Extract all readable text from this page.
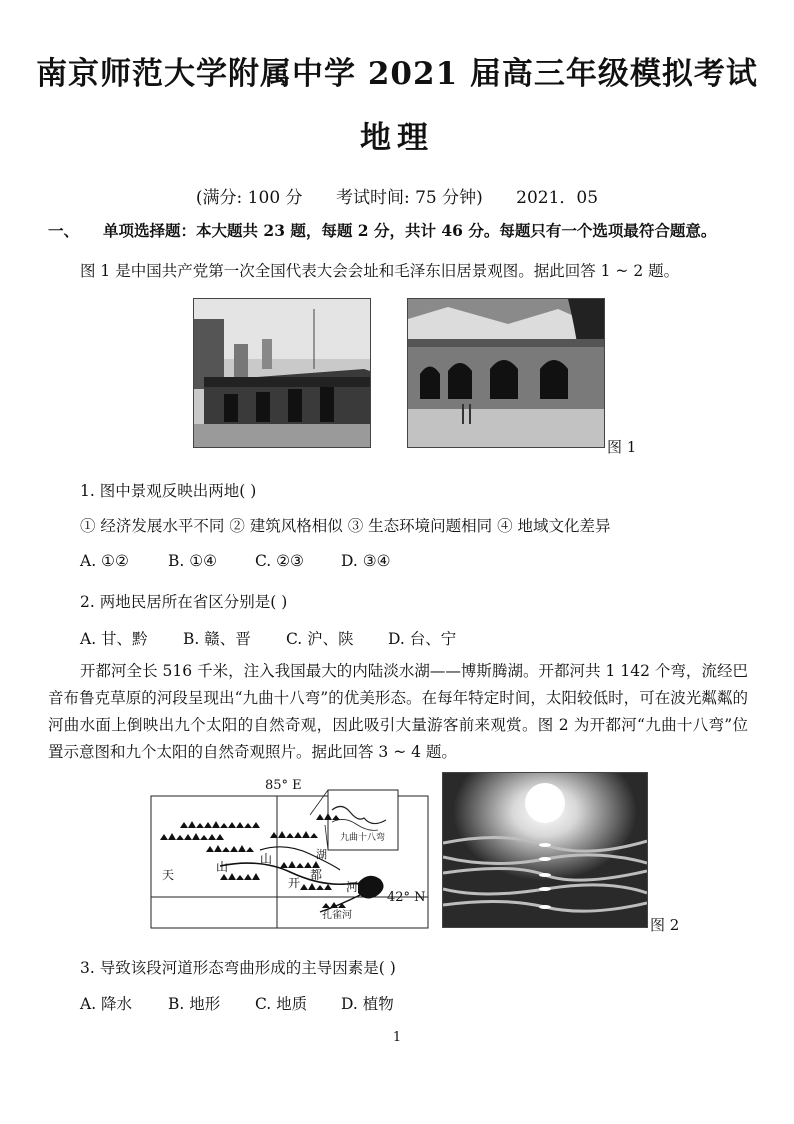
南京师范大学附属中学 2021 届高三年级模拟考试
地理
(满分: 100 分 考试时间: 75 分钟) 2021．05
一、 单项选择题：本大题共 23 题，每题 2 分，共计 46 分。每题只有一个选项最符合题意。

图 1 是中国共产党第一次全国代表大会会址和毛泽东旧居景观图。据此回答 1 ~ 2 题。

图 1
1. 图中景观反映出两地( )
① 经济发展水平不同 ② 建筑风格相似 ③ 生态环境问题相同 ④ 地域文化差异
A. ①②	B. ①④	C. ②③	D. ③④
2. 两地民居所在省区分别是( )
A. 甘、黔	B. 赣、晋	C. 沪、陕	D. 台、宁

开都河全长 516 千米，注入我国最大的内陆淡水湖——博斯腾湖。开都河共 1 142 个弯，流经巴音布鲁克草原的河段呈现出“九曲十八弯”的优美形态。在每年特定时间，太阳较低时，可在波光粼粼的河曲水面上倒映出九个太阳的自然奇观，因此吸引大量游客前来观赏。图 2 为开都河“九曲十八弯”位置示意图和九个太阳的自然奇观照片。据此回答 3 ~ 4 题。

85° E
42° N
九曲十八弯
天
山
山
开
都
河
湖
孔雀河
图 2
3. 导致该段河道形态弯曲形成的主导因素是( )
A. 降水	B. 地形	C. 地质	D. 植物
1
